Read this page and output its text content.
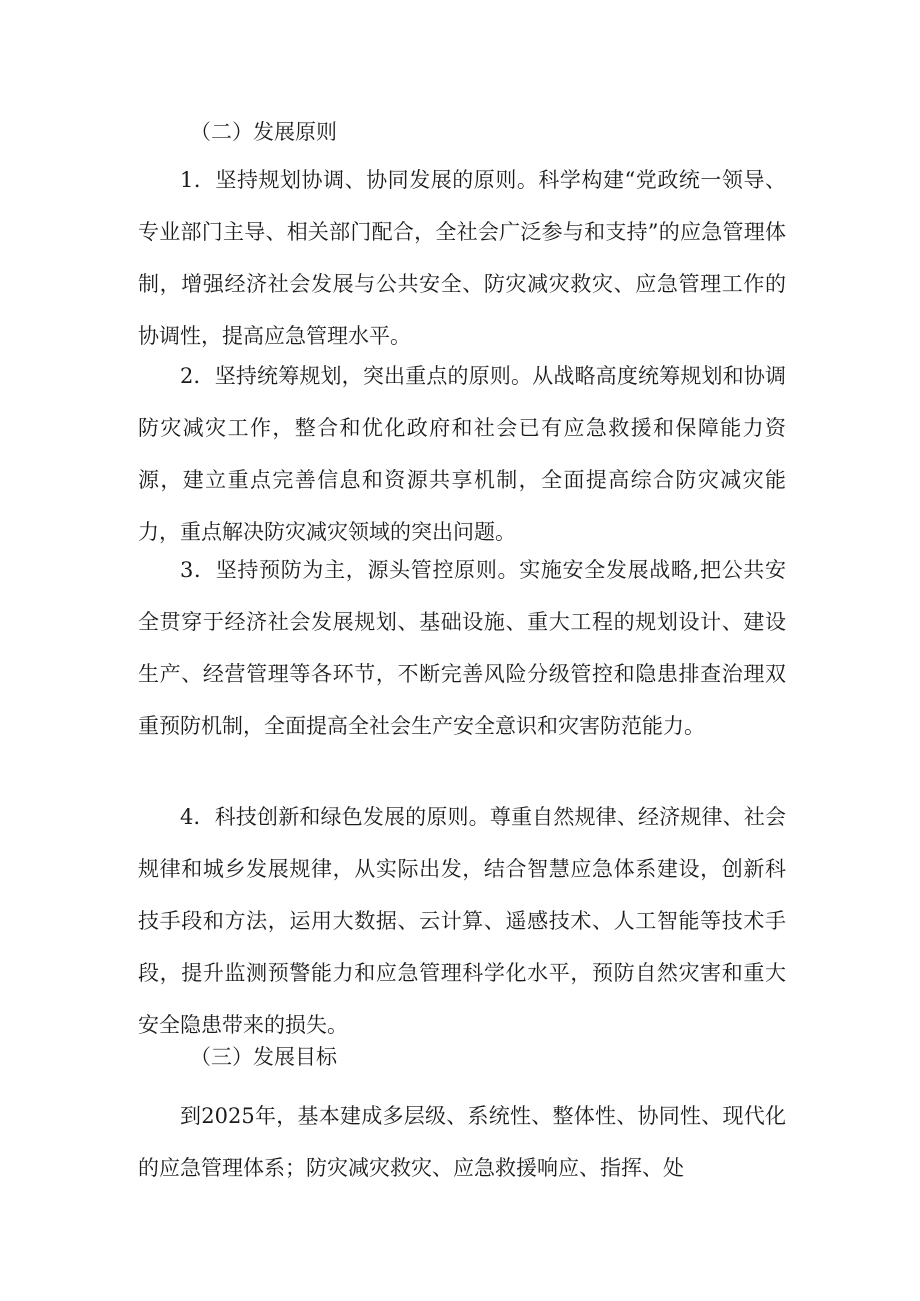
（二）发展原则

1．坚持规划协调、协同发展的原则。科学构建“党政统一领导、专业部门主导、相关部门配合，全社会广泛参与和支持”的应急管理体制，增强经济社会发展与公共安全、防灾减灾救灾、应急管理工作的协调性，提高应急管理水平。

2．坚持统筹规划，突出重点的原则。从战略高度统筹规划和协调防灾减灾工作，整合和优化政府和社会已有应急救援和保障能力资源，建立重点完善信息和资源共享机制，全面提高综合防灾减灾能力，重点解决防灾减灾领域的突出问题。

3．坚持预防为主，源头管控原则。实施安全发展战略,把公共安全贯穿于经济社会发展规划、基础设施、重大工程的规划设计、建设生产、经营管理等各环节，不断完善风险分级管控和隐患排查治理双重预防机制，全面提高全社会生产安全意识和灾害防范能力。

4．科技创新和绿色发展的原则。尊重自然规律、经济规律、社会规律和城乡发展规律，从实际出发，结合智慧应急体系建设，创新科技手段和方法，运用大数据、云计算、遥感技术、人工智能等技术手段，提升监测预警能力和应急管理科学化水平，预防自然灾害和重大安全隐患带来的损失。

（三）发展目标

到2025年，基本建成多层级、系统性、整体性、协同性、现代化的应急管理体系；防灾减灾救灾、应急救援响应、指挥、处
